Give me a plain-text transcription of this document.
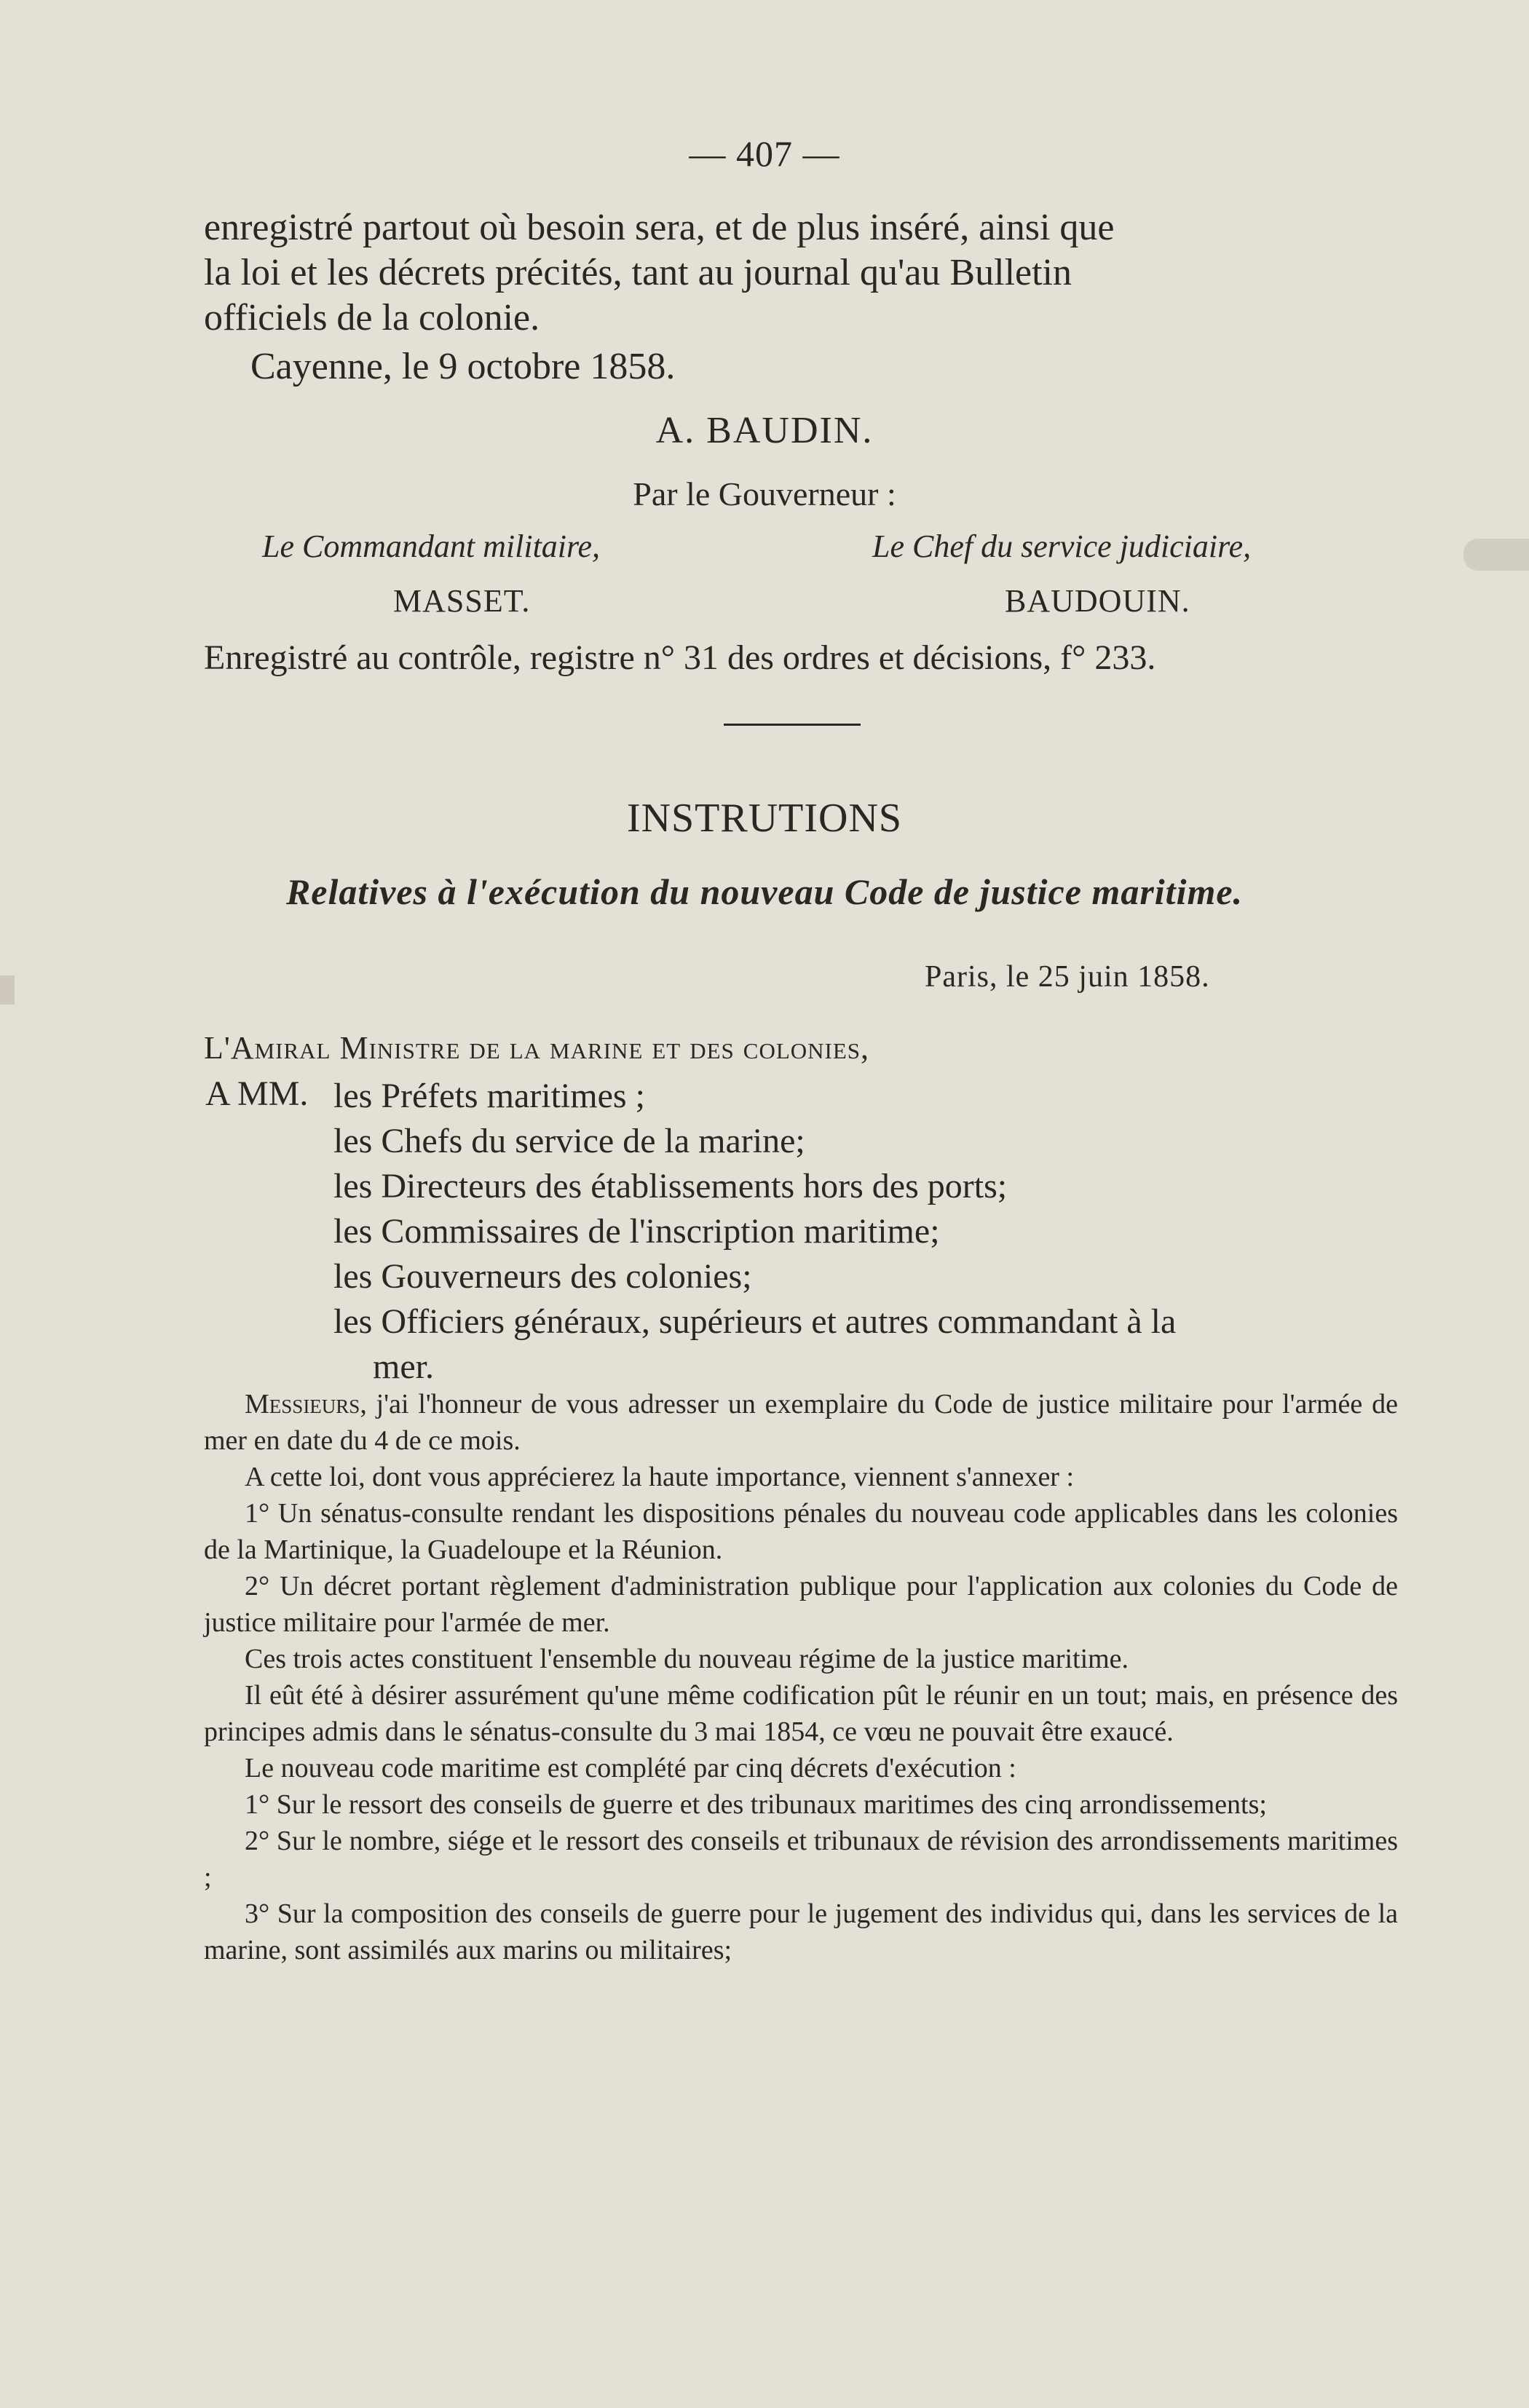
— 407 —
enregistré partout où besoin sera, et de plus inséré, ainsi que
la loi et les décrets précités, tant au journal qu'au Bulletin
officiels de la colonie.
Cayenne, le 9 octobre 1858.
A. BAUDIN.
Par le Gouverneur :
Le Commandant militaire,	Le Chef du service judiciaire,
MASSET.	BAUDOUIN.
Enregistré au contrôle, registre n° 31 des ordres et décisions, f° 233.
INSTRUTIONS
Relatives à l'exécution du nouveau Code de justice maritime.
Paris, le 25 juin 1858.
L'Amiral Ministre de la marine et des colonies,
A MM. les Préfets maritimes ;
les Chefs du service de la marine;
les Directeurs des établissements hors des ports;
les Commissaires de l'inscription maritime;
les Gouverneurs des colonies;
les Officiers généraux, supérieurs et autres commandant à la
mer.

Messieurs, j'ai l'honneur de vous adresser un exemplaire du Code de justice militaire pour l'armée de mer en date du 4 de ce mois.

A cette loi, dont vous apprécierez la haute importance, viennent s'annexer :

1° Un sénatus-consulte rendant les dispositions pénales du nouveau code applicables dans les colonies de la Martinique, la Guadeloupe et la Réunion.

2° Un décret portant règlement d'administration publique pour l'application aux colonies du Code de justice militaire pour l'armée de mer.

Ces trois actes constituent l'ensemble du nouveau régime de la justice maritime.

Il eût été à désirer assurément qu'une même codification pût le réunir en un tout; mais, en présence des principes admis dans le sénatus-consulte du 3 mai 1854, ce vœu ne pouvait être exaucé.

Le nouveau code maritime est complété par cinq décrets d'exécution :

1° Sur le ressort des conseils de guerre et des tribunaux maritimes des cinq arrondissements;

2° Sur le nombre, siége et le ressort des conseils et tribunaux de révision des arrondissements maritimes ;

3° Sur la composition des conseils de guerre pour le jugement des individus qui, dans les services de la marine, sont assimilés aux marins ou militaires;
